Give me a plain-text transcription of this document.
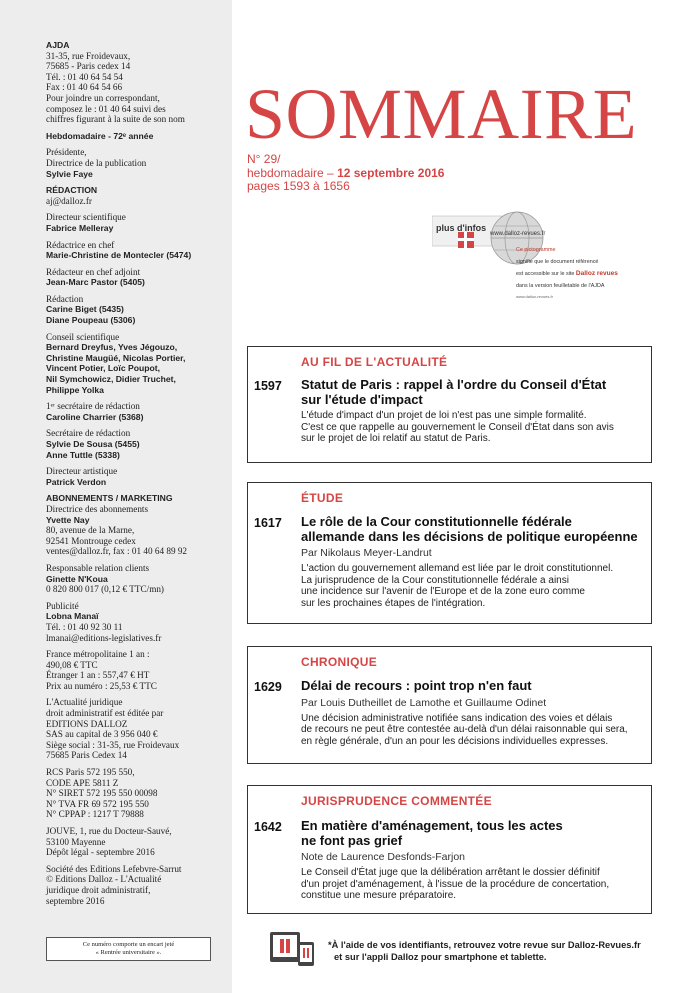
AJDA
31-35, rue Froidevaux,
75685 - Paris cedex 14
Tél. : 01 40 64 54 54
Fax : 01 40 64 54 66
Pour joindre un correspondant,
composez le : 01 40 64 suivi des
chiffres figurant à la suite de son nom
Hebdomadaire - 72ᵉ année
Présidente,
Directrice de la publication
Sylvie Faye
RÉDACTION
aj@dalloz.fr
Directeur scientifique
Fabrice Melleray
Rédactrice en chef
Marie-Christine de Montecler (5474)
Rédacteur en chef adjoint
Jean-Marc Pastor (5405)
Rédaction
Carine Biget (5435)
Diane Poupeau (5306)
Conseil scientifique
Bernard Dreyfus, Yves Jégouzo,
Christine Maugüé, Nicolas Portier,
Vincent Potier, Loïc Poupot,
Nil Symchowicz, Didier Truchet,
Philippe Yolka
1ᵉʳ secrétaire de rédaction
Caroline Charrier (5368)
Secrétaire de rédaction
Sylvie De Sousa (5455)
Anne Tuttle (5338)
Directeur artistique
Patrick Verdon
ABONNEMENTS / MARKETING
Directrice des abonnements
Yvette Nay
80, avenue de la Marne,
92541 Montrouge cedex
ventes@dalloz.fr, fax : 01 40 64 89 92
Responsable relation clients
Ginette N'Koua
0 820 800 017 (0,12 € TTC/mn)
Publicité
Lobna Manaï
Tél. : 01 40 92 30 11
lmanai@editions-legislatives.fr
France métropolitaine 1 an :
490,08 € TTC
Étranger 1 an : 557,47 € HT
Prix au numéro : 25,53 € TTC
L'Actualité juridique
droit administratif est éditée par
EDITIONS DALLOZ
SAS au capital de 3 956 040 €
Siège social : 31-35, rue Froidevaux
75685 Paris Cedex 14
RCS Paris 572 195 550,
CODE APE 5811 Z
N° SIRET 572 195 550 00098
N° TVA FR 69 572 195 550
N° CPPAP : 1217 T 79888
JOUVE, 1, rue du Docteur-Sauvé,
53100 Mayenne
Dépôt légal - septembre 2016
Société des Editions Lefebvre-Sarrut
© Editions Dalloz - L'Actualité
juridique droit administratif,
septembre 2016
Ce numéro comporte un encart jeté
« Rentrée universitaire ».
SOMMAIRE
N° 29/
hebdomadaire – 12 septembre 2016
pages 1593 à 1656
plus d'infos
www.dalloz-revues.fr
Ce pictogramme
signifie que le document référencé
est accessible sur le site Dalloz revues
dans la version feuilletable de l'AJDA
www.dalloz-revues.fr
AU FIL DE L'ACTUALITÉ
1597 Statut de Paris : rappel à l'ordre du Conseil d'État
sur l'étude d'impact
L'étude d'impact d'un projet de loi n'est pas une simple formalité.
C'est ce que rappelle au gouvernement le Conseil d'État dans son avis
sur le projet de loi relatif au statut de Paris.
ÉTUDE
1617 Le rôle de la Cour constitutionnelle fédérale
allemande dans les décisions de politique européenne
Par Nikolaus Meyer-Landrut
L'action du gouvernement allemand est liée par le droit constitutionnel.
La jurisprudence de la Cour constitutionnelle fédérale a ainsi
une incidence sur l'avenir de l'Europe et de la zone euro comme
sur les prochaines étapes de l'intégration.
CHRONIQUE
1629 Délai de recours : point trop n'en faut
Par Louis Dutheillet de Lamothe et Guillaume Odinet
Une décision administrative notifiée sans indication des voies et délais
de recours ne peut être contestée au-delà d'un délai raisonnable qui sera,
en règle générale, d'un an pour les décisions individuelles expresses.
JURISPRUDENCE COMMENTÉE
1642 En matière d'aménagement, tous les actes
ne font pas grief
Note de Laurence Desfonds-Farjon
Le Conseil d'État juge que la délibération arrêtant le dossier définitif
d'un projet d'aménagement, à l'issue de la procédure de concertation,
constitue une mesure préparatoire.
*À l'aide de vos identifiants, retrouvez votre revue sur Dalloz-Revues.fr
et sur l'appli Dalloz pour smartphone et tablette.
